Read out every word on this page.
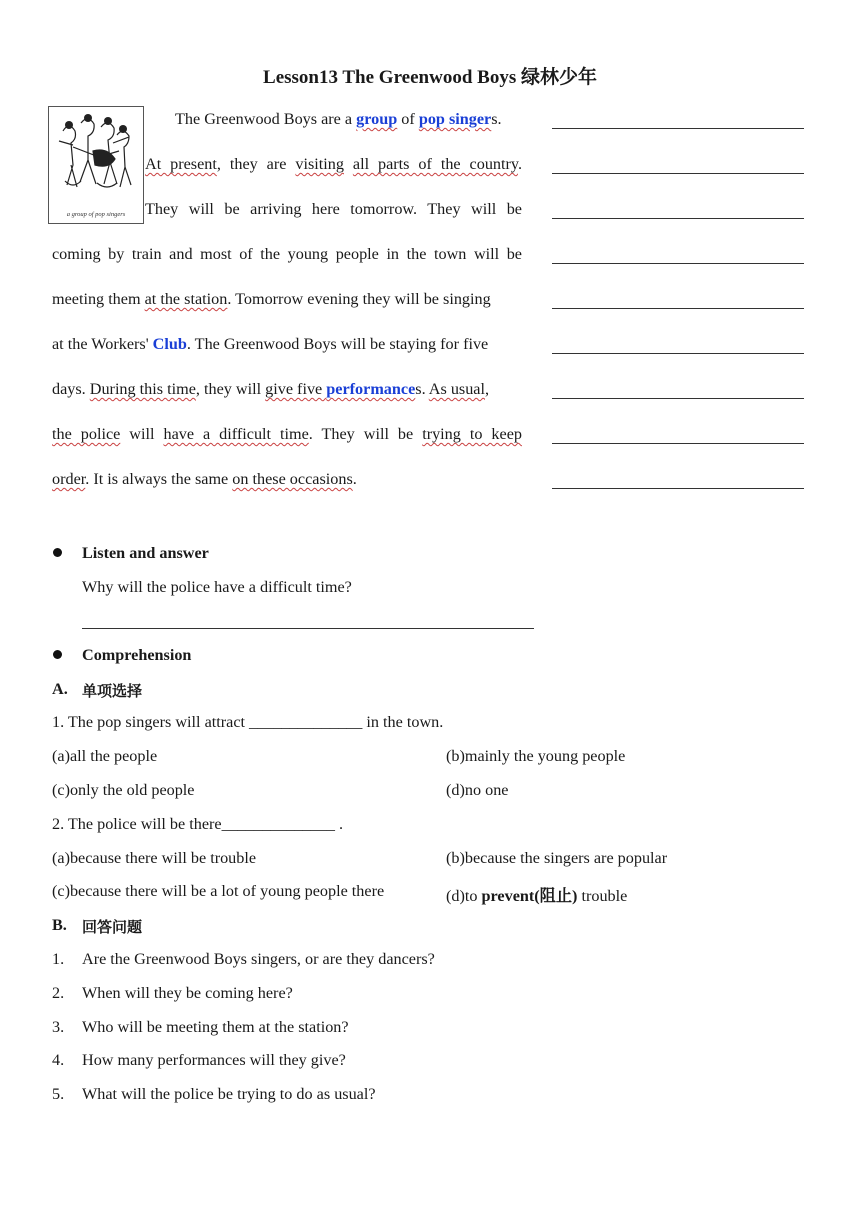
Lesson13 The Greenwood Boys 绿林少年
a group of pop singers
The Greenwood Boys are a group of pop singers.
At present, they are visiting all parts of the country.
They will be arriving here tomorrow. They will be
coming by train and most of the young people in the town will be
meeting them at the station. Tomorrow evening they will be singing
at the Workers' Club. The Greenwood Boys will be staying for five
days. During this time, they will give five performances. As usual,
the police will have a difficult time. They will be trying to keep
order. It is always the same on these occasions.
Listen and answer
Why will the police have a difficult time?
Comprehension
A. 单项选择
1. The pop singers will attract ______________ in the town.
(a)all the people	(b)mainly the young people
(c)only the old people	(d)no one
2. The police will be there______________ .
(a)because there will be trouble	(b)because the singers are popular
(c)because there will be a lot of young people there	(d)to prevent(阻止) trouble
B. 回答问题
1. Are the Greenwood Boys singers, or are they dancers?
2. When will they be coming here?
3. Who will be meeting them at the station?
4. How many performances will they give?
5. What will the police be trying to do as usual?
